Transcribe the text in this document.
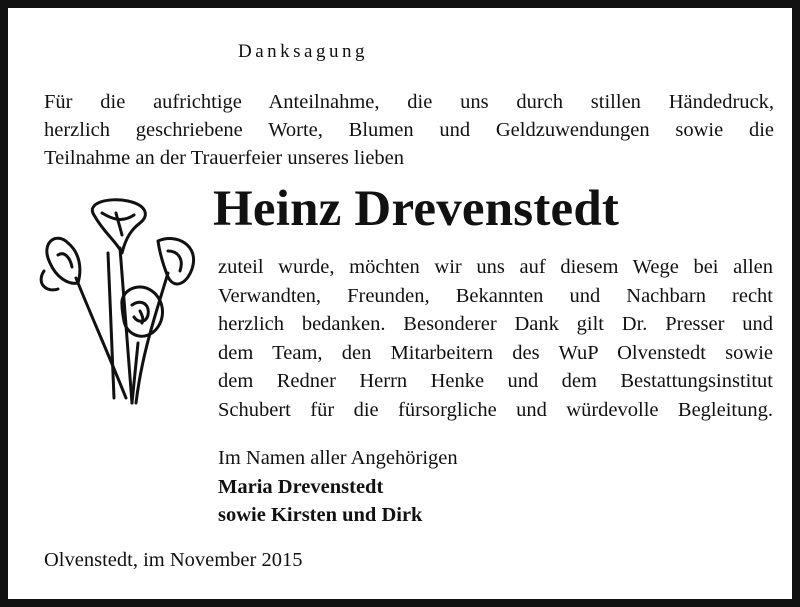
Danksagung
Für die aufrichtige Anteilnahme, die uns durch stillen Händedruck,
herzlich geschriebene Worte, Blumen und Geldzuwendungen sowie die
Teilnahme an der Trauerfeier unseres lieben
Heinz Drevenstedt
zuteil wurde, möchten wir uns auf diesem Wege bei allen
Verwandten, Freunden, Bekannten und Nachbarn recht
herzlich bedanken. Besonderer Dank gilt Dr. Presser und
dem Team, den Mitarbeitern des WuP Olvenstedt sowie
dem Redner Herrn Henke und dem Bestattungsinstitut
Schubert für die fürsorgliche und würdevolle Begleitung.
Im Namen aller Angehörigen
Maria Drevenstedt
sowie Kirsten und Dirk
Olvenstedt, im November 2015
